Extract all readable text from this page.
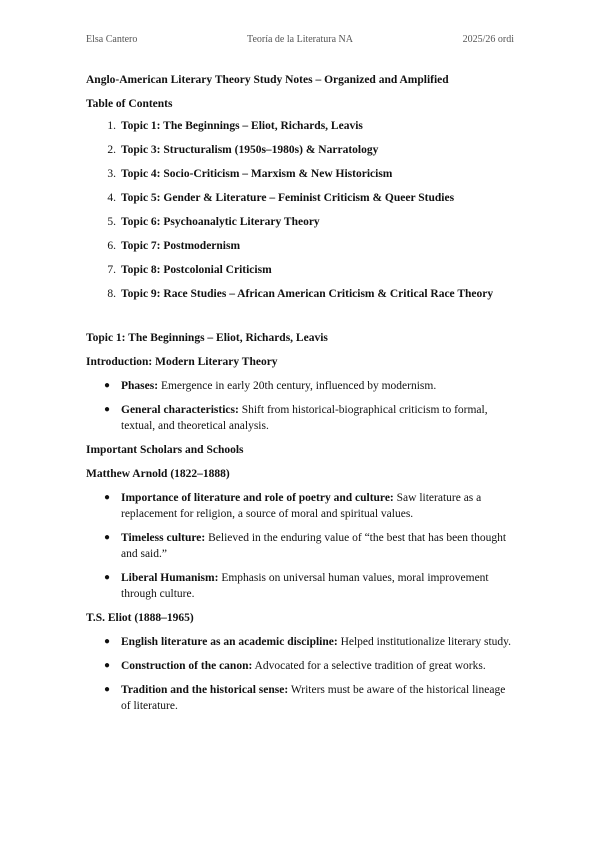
Elsa Cantero	Teoría de la Literatura NA	2025/26 ordi

Anglo-American Literary Theory Study Notes – Organized and Amplified

Table of Contents

1. Topic 1: The Beginnings – Eliot, Richards, Leavis
2. Topic 3: Structuralism (1950s–1980s) & Narratology
3. Topic 4: Socio-Criticism – Marxism & New Historicism
4. Topic 5: Gender & Literature – Feminist Criticism & Queer Studies
5. Topic 6: Psychoanalytic Literary Theory
6. Topic 7: Postmodernism
7. Topic 8: Postcolonial Criticism
8. Topic 9: Race Studies – African American Criticism & Critical Race Theory

Topic 1: The Beginnings – Eliot, Richards, Leavis

Introduction: Modern Literary Theory

● Phases: Emergence in early 20th century, influenced by modernism.
● General characteristics: Shift from historical-biographical criticism to formal, textual, and theoretical analysis.

Important Scholars and Schools

Matthew Arnold (1822–1888)

● Importance of literature and role of poetry and culture: Saw literature as a replacement for religion, a source of moral and spiritual values.
● Timeless culture: Believed in the enduring value of “the best that has been thought and said.”
● Liberal Humanism: Emphasis on universal human values, moral improvement through culture.

T.S. Eliot (1888–1965)

● English literature as an academic discipline: Helped institutionalize literary study.
● Construction of the canon: Advocated for a selective tradition of great works.
● Tradition and the historical sense: Writers must be aware of the historical lineage of literature.
